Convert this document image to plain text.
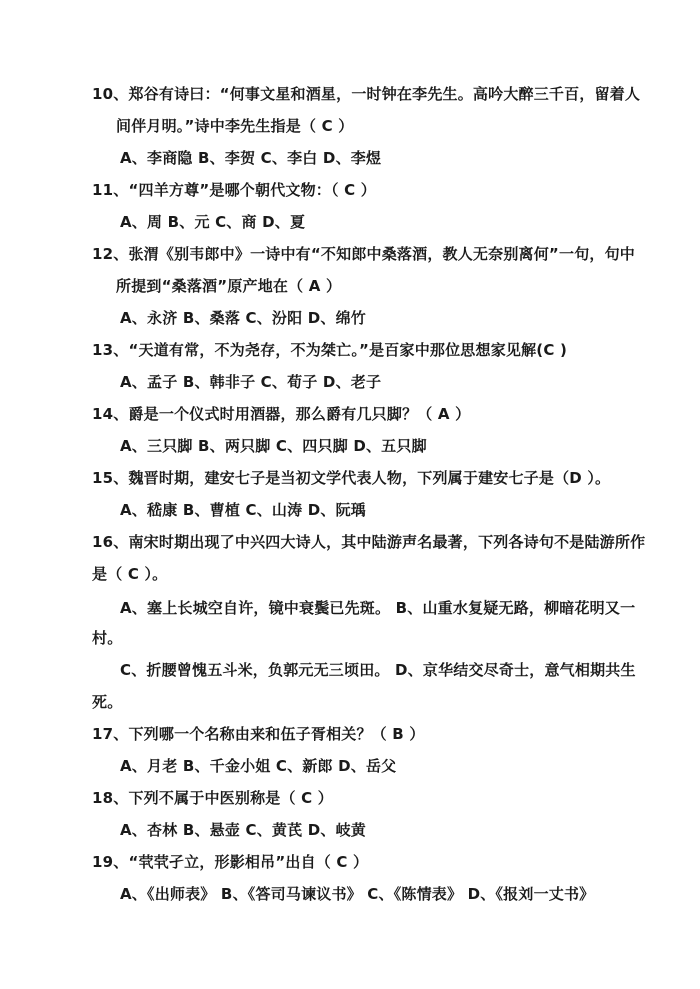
10、郑谷有诗曰：“何事文星和酒星，一时钟在李先生。高吟大醉三千百，留着人
间伴月明。”诗中李先生指是（ C ）
A、李商隐 B、李贺 C、李白 D、李煜
11、“四羊方尊”是哪个朝代文物：（ C ）
A、周 B、元 C、商 D、夏
12、张渭《别韦郎中》一诗中有“不知郎中桑落酒，教人无奈别离何”一句，句中
所提到“桑落酒”原产地在（ A ）
A、永济 B、桑落 C、汾阳 D、绵竹
13、“天道有常，不为尧存，不为桀亡。”是百家中那位思想家见解(C )
A、孟子 B、韩非子 C、荀子 D、老子
14、爵是一个仪式时用酒器，那么爵有几只脚？（ A ）
A、三只脚 B、两只脚 C、四只脚 D、五只脚
15、魏晋时期，建安七子是当初文学代表人物，下列属于建安七子是（D ）。
A、嵇康 B、曹植 C、山涛 D、阮瑀
16、南宋时期出现了中兴四大诗人，其中陆游声名最著，下列各诗句不是陆游所作
是（ C ）。
A、塞上长城空自许，镜中衰鬓已先斑。 B、山重水复疑无路，柳暗花明又一
村。
C、折腰曾愧五斗米，负郭元无三顷田。 D、京华结交尽奇士，意气相期共生
死。
17、下列哪一个名称由来和伍子胥相关？（ B ）
A、月老 B、千金小姐 C、新郎 D、岳父
18、下列不属于中医别称是（ C ）
A、杏林 B、悬壶 C、黄芪 D、岐黄
19、“茕茕孑立，形影相吊”出自（ C ）
A、《出师表》 B、《答司马谏议书》 C、《陈情表》 D、《报刘一丈书》
